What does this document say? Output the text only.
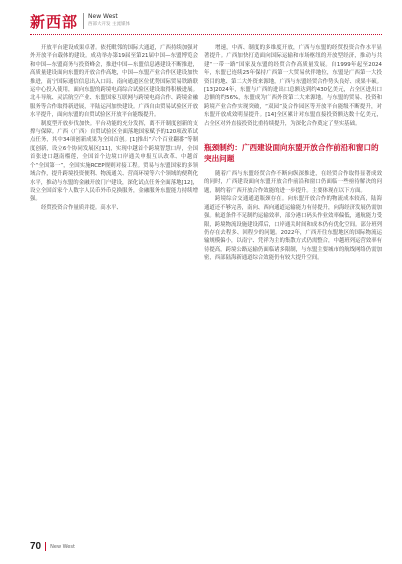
新西部 New West
西部大开发 主流媒体

开放平台建设成果卓著。依托毗邻的国际大通道，广西持续加强对外开放平台载体的建设。成功举办第19届至第21届中国—东盟博览会和中国—东盟商务与投资峰会，推进中国—东盟信息港建设不断推进，高质量建设面向东盟的开放合作高地，中国—东盟产业合作区建设加快推进，南宁国际通信信息出入口局、南向通道区位优势国际贸易铁路联运中心投入使用，面向东盟的跨境电商综合试验区建设取得积极进展。北斗导航、灵活航空产业、东盟国家互联网与跨境电商合作、跨境金融服务等合作取得新进展，平陆运河加快建设。广西自由贸易试验区开放水平提升，面向东盟的自贸试验区开放平台能级提升。

制度型开放步伐加快。平台功能的充分发挥，离不开制度创新的支撑与保障。广西（广西）自贸试验区全面落地国家赋予的120项改革试点任务，其中34项创新成果为全国首创。[1]推出“六个百业翻番”等制度创新，设立6个协同发展区[11]，实现中越首个跨境智慧口岸，全国首张进口越南榴莲，全国首个边境口岸通关申报互认改革、中越首个“全国第一”，全国实施RCEP规则对接工程。贸易与东盟国家的多领域合作，提升跨境投资便利、物流通关、营商环境等六个领域的便利化水平，推动与东盟的金融开放门户建设，深化试点任务全面落地[12]，设立全国首家个人数字人民币外币兑换服务，金融服务东盟能力持续增强。

经贸投资合作量质并提。高水平、

增速，中西、制度的多维度开放，广西与东盟的经贸投资合作水平显著提升。广西加快打造面向国际运输和市场枢纽的开放型经济，推动与共建“一带一路”国家及东盟的经贸合作高质量发展。自1999年起至2024年，东盟已连续25年保持广西第一大贸易伙伴地位，东盟是广西第一大投资目的地、第二大外资来源地，广西与东盟经贸合作势头良好、成果丰硕。[13]2024年，东盟与广西的进出口总额达到约430亿美元，占全区进出口总额的约56%，东盟成为广西外资第二大来源地。与东盟的贸易、投资和跨境产业合作实现突破，“双园”及合作园区等开放平台能级不断提升，对东盟开放成效明显提升。[14]全区累计对东盟直接投资额达数十亿美元，占全区对外直接投资比重持续提升，为深化合作奠定了坚实基础。

瓶颈制约：广西建设面向东盟开放合作前沿和窗口的
突出问题

随着广西与东盟经贸合作不断向纵深推进，在经贸合作取得显著成效的同时，广西建设面向东盟开放合作前沿和窗口仍面临一些亟待解决的问题，制约着广西开放合作效能的进一步提升。主要体现在以下方面。

跨境综合交通通道瓶颈存在。向东盟开放合作的物流成本较高，陆海通道还不够完善，南向、西向通道运输能力有待提升，向海经济发展仍需加强。航道条件不足制约运输效率，部分港口码头作业效率偏低，通航能力受限，跨境物流设施建设滞后，口岸通关时间和成本仍有优化空间。部分班列仍存在去程多、回程少的问题。2022年，广西开往东盟地区的国际物流运输规模偏小，以南宁、凭祥为主的集散方式仍需整合，中越班列运营效率有待提高，跨境公路运输仍面临诸多限制，与东盟主要城市的航线网络仍需加密，西部陆海新通道综合效能仍有较大提升空间。

70 New West
